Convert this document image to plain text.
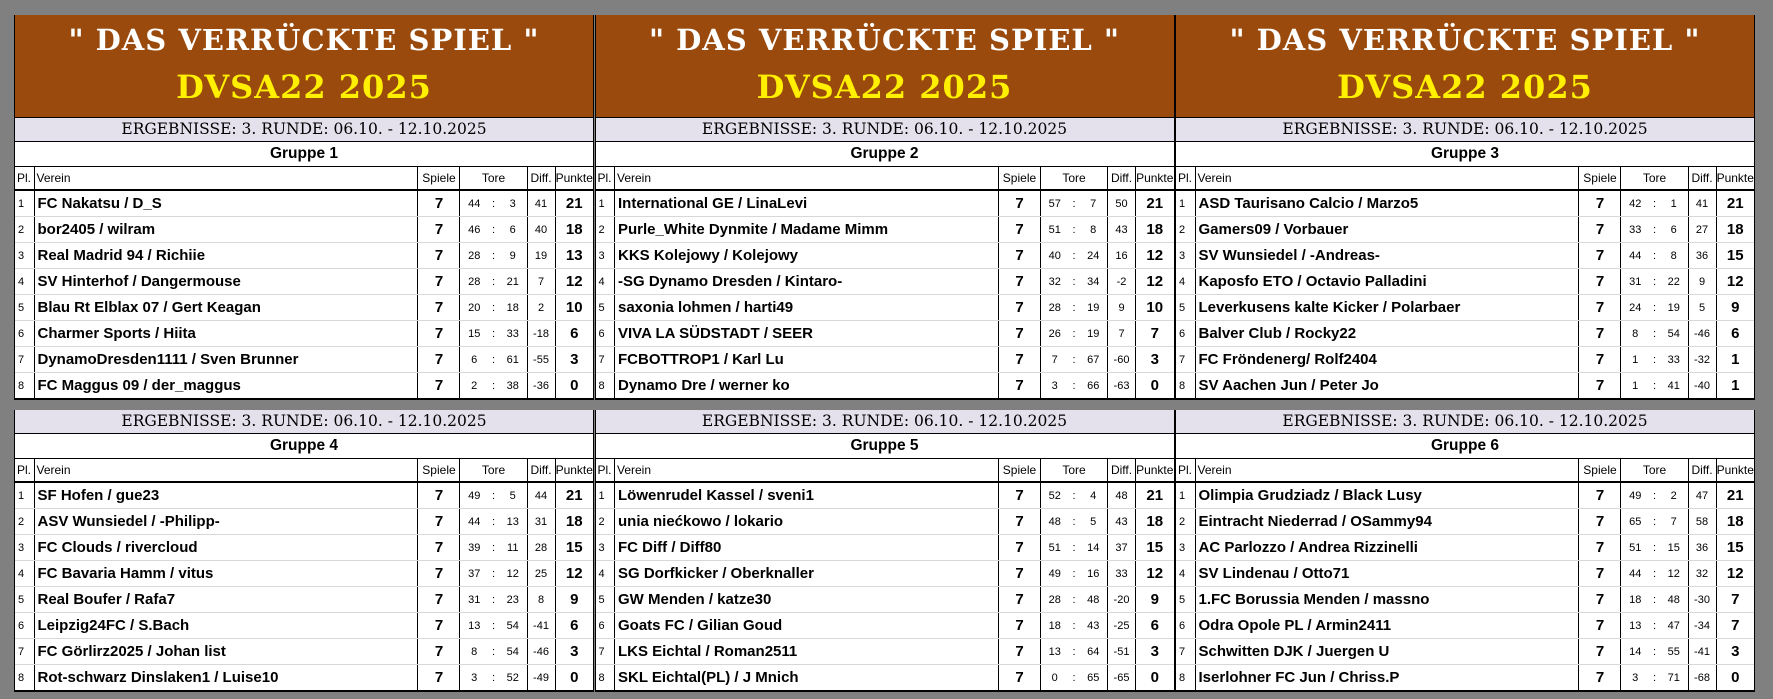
" DAS VERRÜCKTE SPIEL "
DVSA22 2025
ERGEBNISSE: 3. RUNDE: 06.10. - 12.10.2025
Gruppe 1
Pl.	Verein	Spiele	Tore			Diff.	Punkte
1	FC Nakatsu / D_S	7	44	:	3	41	21
2	bor2405 / wilram	7	46	:	6	40	18
3	Real Madrid 94 / Richiie	7	28	:	9	19	13
4	SV Hinterhof / Dangermouse	7	28	:	21	7	12
5	Blau Rt Elblax 07 / Gert Keagan	7	20	:	18	2	10
6	Charmer Sports / Hiita	7	15	:	33	-18	6
7	DynamoDresden1111 / Sven Brunner	7	6	:	61	-55	3
8	FC Maggus 09 / der_maggus	7	2	:	38	-36	0
" DAS VERRÜCKTE SPIEL "
DVSA22 2025
ERGEBNISSE: 3. RUNDE: 06.10. - 12.10.2025
Gruppe 2
Pl.	Verein	Spiele	Tore			Diff.	Punkte
1	International GE / LinaLevi	7	57	:	7	50	21
2	Purle_White Dynmite / Madame Mimm	7	51	:	8	43	18
3	KKS Kolejowy / Kolejowy	7	40	:	24	16	12
4	-SG Dynamo Dresden / Kintaro-	7	32	:	34	-2	12
5	saxonia lohmen / harti49	7	28	:	19	9	10
6	VIVA LA SÜDSTADT / SEER	7	26	:	19	7	7
7	FCBOTTROP1 / Karl Lu	7	7	:	67	-60	3
8	Dynamo Dre / werner ko	7	3	:	66	-63	0
" DAS VERRÜCKTE SPIEL "
DVSA22 2025
ERGEBNISSE: 3. RUNDE: 06.10. - 12.10.2025
Gruppe 3
Pl.	Verein	Spiele	Tore			Diff.	Punkte
1	ASD Taurisano Calcio / Marzo5	7	42	:	1	41	21
2	Gamers09 / Vorbauer	7	33	:	6	27	18
3	SV Wunsiedel / -Andreas-	7	44	:	8	36	15
4	Kaposfo ETO / Octavio Palladini	7	31	:	22	9	12
5	Leverkusens kalte Kicker / Polarbaer	7	24	:	19	5	9
6	Balver Club / Rocky22	7	8	:	54	-46	6
7	FC Fröndenerg/ Rolf2404	7	1	:	33	-32	1
8	SV Aachen Jun / Peter Jo	7	1	:	41	-40	1
ERGEBNISSE: 3. RUNDE: 06.10. - 12.10.2025
Gruppe 4
Pl.	Verein	Spiele	Tore			Diff.	Punkte
1	SF Hofen / gue23	7	49	:	5	44	21
2	ASV Wunsiedel / -Philipp-	7	44	:	13	31	18
3	FC Clouds / rivercloud	7	39	:	11	28	15
4	FC Bavaria Hamm / vitus	7	37	:	12	25	12
5	Real Boufer / Rafa7	7	31	:	23	8	9
6	Leipzig24FC / S.Bach	7	13	:	54	-41	6
7	FC Görlirz2025 / Johan list	7	8	:	54	-46	3
8	Rot-schwarz Dinslaken1 / Luise10	7	3	:	52	-49	0
ERGEBNISSE: 3. RUNDE: 06.10. - 12.10.2025
Gruppe 5
Pl.	Verein	Spiele	Tore			Diff.	Punkte
1	Löwenrudel Kassel / sveni1	7	52	:	4	48	21
2	unia niećkowo / lokario	7	48	:	5	43	18
3	FC Diff / Diff80	7	51	:	14	37	15
4	SG Dorfkicker / Oberknaller	7	49	:	16	33	12
5	GW Menden / katze30	7	28	:	48	-20	9
6	Goats FC / Gilian Goud	7	18	:	43	-25	6
7	LKS Eichtal / Roman2511	7	13	:	64	-51	3
8	SKL Eichtal(PL) / J Mnich	7	0	:	65	-65	0
ERGEBNISSE: 3. RUNDE: 06.10. - 12.10.2025
Gruppe 6
Pl.	Verein	Spiele	Tore			Diff.	Punkte
1	Olimpia Grudziadz / Black Lusy	7	49	:	2	47	21
2	Eintracht Niederrad / OSammy94	7	65	:	7	58	18
3	AC Parlozzo / Andrea Rizzinelli	7	51	:	15	36	15
4	SV Lindenau / Otto71	7	44	:	12	32	12
5	1.FC Borussia Menden / massno	7	18	:	48	-30	7
6	Odra Opole PL / Armin2411	7	13	:	47	-34	7
7	Schwitten DJK / Juergen U	7	14	:	55	-41	3
8	Iserlohner FC Jun / Chriss.P	7	3	:	71	-68	0
